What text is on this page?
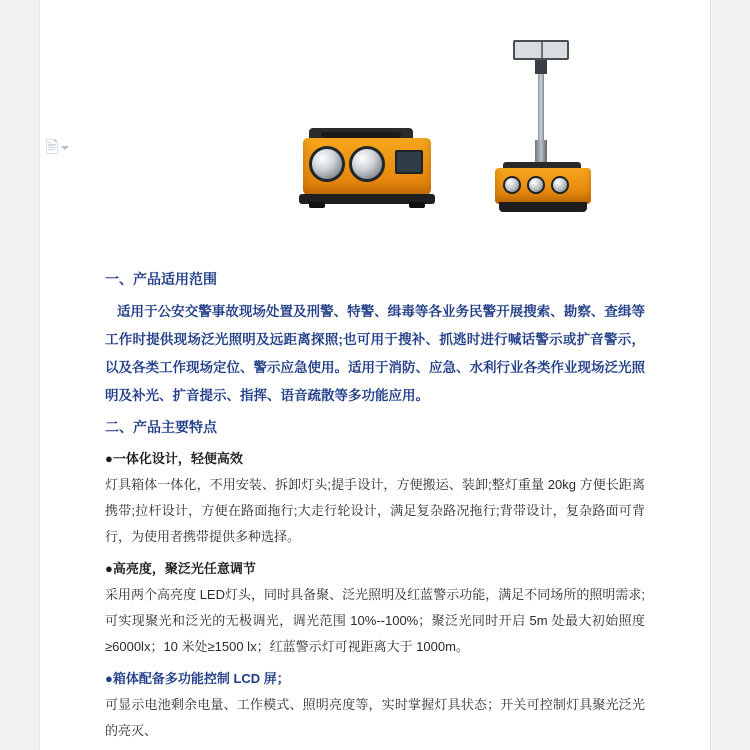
一、产品适用范围

适用于公安交警事故现场处置及刑警、特警、缉毒等各业务民警开展搜索、勘察、查缉等工作时提供现场泛光照明及远距离探照;也可用于搜补、抓逃时进行喊话警示或扩音警示，以及各类工作现场定位、警示应急使用。适用于消防、应急、水利行业各类作业现场泛光照明及补光、扩音提示、指挥、语音疏散等多功能应用。

二、产品主要特点

●一体化设计，轻便高效

灯具箱体一体化，不用安装、拆卸灯头;提手设计，方便搬运、装卸;整灯重量 20kg 方便长距离携带;拉杆设计，方便在路面拖行;大走行轮设计，满足复杂路况拖行;背带设计，复杂路面可背行，为使用者携带提供多种选择。

●高亮度，聚泛光任意调节

采用两个高亮度 LED灯头，同时具备聚、泛光照明及红蓝警示功能，满足不同场所的照明需求;可实现聚光和泛光的无极调光，调光范围 10%--100%；聚泛光同时开启 5m 处最大初始照度≥6000lx；10 米处≥1500 lx；红蓝警示灯可视距离大于 1000m。

●箱体配备多功能控制 LCD 屏；

可显示电池剩余电量、工作模式、照明亮度等，实时掌握灯具状态；开关可控制灯具聚光泛光的亮灭、

🖹
